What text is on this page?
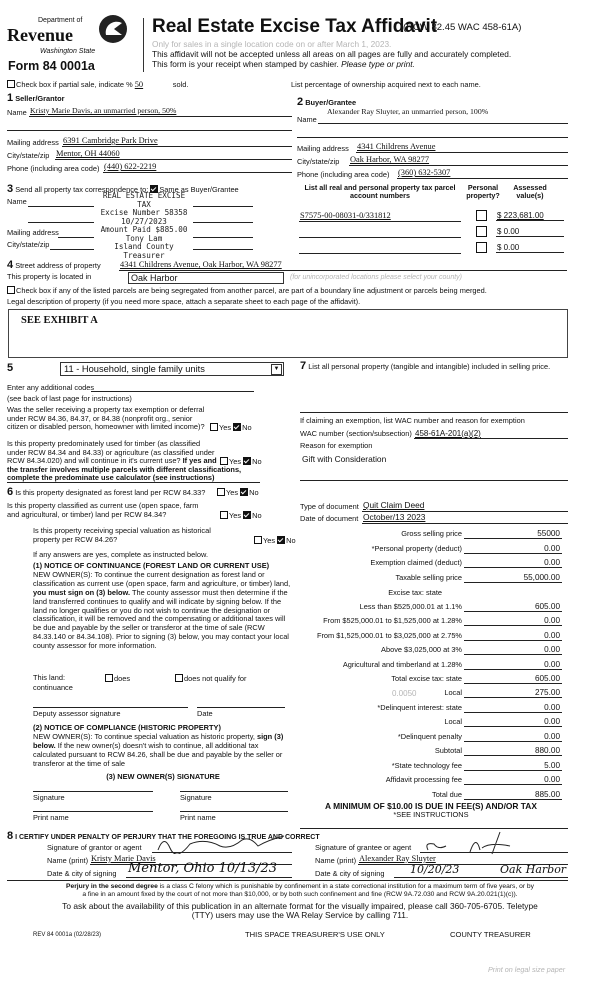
Department of
Revenue
Washington State
Form 84 0001a
Real Estate Excise Tax Affidavit
(RCW 82.45 WAC 458-61A)
Only for sales in a single location code on or after March 1, 2023.
This affidavit will not be accepted unless all areas on all pages are fully and accurately completed.
This form is your receipt when stamped by cashier. Please type or print.
Check box if partial sale, indicate % 50	sold.	List percentage of ownership acquired next to each name.
1 Seller/Grantor
Name Kristy Marie Davis, an unmarried person, 50%
Mailing address 6391 Cambridge Park Drive
City/state/zip Mentor, OH 44060
Phone (including area code) (440) 622-2219
2 Buyer/Grantee
Name
Alexander Ray Sluyter, an unmarried person, 100%
Mailing address 4341 Childrens Avenue
City/state/zip Oak Harbor, WA 98277
Phone (including area code) (360) 632-5307
3 Send all property tax correspondence to: Same as Buyer/Grantee
Name
Mailing address
City/state/zip
REAL ESTATE EXCISE TAX
Excise Number 58358
10/27/2023
Amount Paid $885.00
Tony Lam
Island County Treasurer
List all real and personal property tax parcel account numbers
Personal property?
Assessed value(s)
S7575-00-08031-0/331812	$ 223,681.00
$ 0.00
$ 0.00
4 Street address of property 4341 Childrens Avenue, Oak Harbor, WA 98277
This property is located in	Oak Harbor	(for unincorporated locations please select your county)
Check box if any of the listed parcels are being segregated from another parcel, are part of a boundary line adjustment or parcels being merged.
Legal description of property (if you need more space, attach a separate sheet to each page of the affidavit).
SEE EXHIBIT A
5	11 - Household, single family units	▼
Enter any additional codes
(see back of last page for instructions)
Was the seller receiving a property tax exemption or deferral
under RCW 84.36, 84.37, or 84.38 (nonprofit org., senior
citizen or disabled person, homeowner with limited income)?	Yes No
Is this property predominately used for timber (as classified
under RCW 84.34 and 84.33) or agriculture (as classified under
RCW 84.34.020) and will continue in it's current use? If yes and
the transfer involves multiple parcels with different classifications,
complete the predominate use calculator (see instructions)
Yes No
6 Is this property designated as forest land per RCW 84.33?	Yes No
Is this property classified as current use (open space, farm
and agricultural, or timber) land per RCW 84.34?	Yes No
Is this property receiving special valuation as historical
property per RCW 84.26?	Yes No
If any answers are yes, complete as instructed below.
(1) NOTICE OF CONTINUANCE (FOREST LAND OR CURRENT USE)
NEW OWNER(S): To continue the current designation as forest land or classification as current use (open space, farm and agriculture, or timber) land, you must sign on (3) below. The county assessor must then determine if the land transferred continues to qualify and will indicate by signing below. If the land no longer qualifies or you do not wish to continue the designation or classification, it will be removed and the compensating or additional taxes will be due and payable by the seller or transferor at the time of sale (RCW 84.33.140 or 84.34.108). Prior to signing (3) below, you may contact your local county assessor for more information.
This land:
continuance
does	does not qualify for
Deputy assessor signature	Date
(2) NOTICE OF COMPLIANCE (HISTORIC PROPERTY)
NEW OWNER(S): To continue special valuation as historic property, sign (3) below. If the new owner(s) doesn't wish to continue, all additional tax calculated pursuant to RCW 84.26, shall be due and payable by the seller or transferor at the time of sale
(3) NEW OWNER(S) SIGNATURE
Signature	Signature
Print name	Print name
7 List all personal property (tangible and intangible) included in selling price.
If claiming an exemption, list WAC number and reason for exemption
WAC number (section/subsection) 458-61A-201(a)(2)
Reason for exemption
Gift with Consideration
Type of document Quit Claim Deed
Date of document October/13 2023
Gross selling price	55000
*Personal property (deduct)	0.00
Exemption claimed (deduct)	0.00
Taxable selling price	55,000.00
Excise tax: state
Less than $525,000.01 at 1.1%	605.00
From $525,000.01 to $1,525,000 at 1.28%	0.00
From $1,525,000.01 to $3,025,000 at 2.75%	0.00
Above $3,025,000 at 3%	0.00
Agricultural and timberland at 1.28%	0.00
Total excise tax: state	605.00
Local	275.00
*Delinquent interest: state	0.00
Local	0.00
*Delinquent penalty	0.00
Subtotal	880.00
*State technology fee	5.00
Affidavit processing fee	0.00
Total due	885.00
0.0050
A MINIMUM OF $10.00 IS DUE IN FEE(S) AND/OR TAX
*SEE INSTRUCTIONS
8 I CERTIFY UNDER PENALTY OF PERJURY THAT THE FOREGOING IS TRUE AND CORRECT
Signature of grantor or agent
Name (print) Kristy Marie Davis
Date & city of signing Mentor, Ohio 10/13/23
Signature of grantee or agent
Name (print) Alexander Ray Sluyter
Date & city of signing 10/20/23	Oak Harbor
Perjury in the second degree is a class C felony which is punishable by confinement in a state correctional institution for a maximum term of five years, or by
a fine in an amount fixed by the court of not more than $10,000, or by both such confinement and fine (RCW 9A.72.030 and RCW 9A.20.021(1)(c)).
To ask about the availability of this publication in an alternate format for the visually impaired, please call 360-705-6705. Teletype
(TTY) users may use the WA Relay Service by calling 711.
REV 84 0001a (02/28/23)	THIS SPACE TREASURER'S USE ONLY	COUNTY TREASURER
Print on legal size paper
